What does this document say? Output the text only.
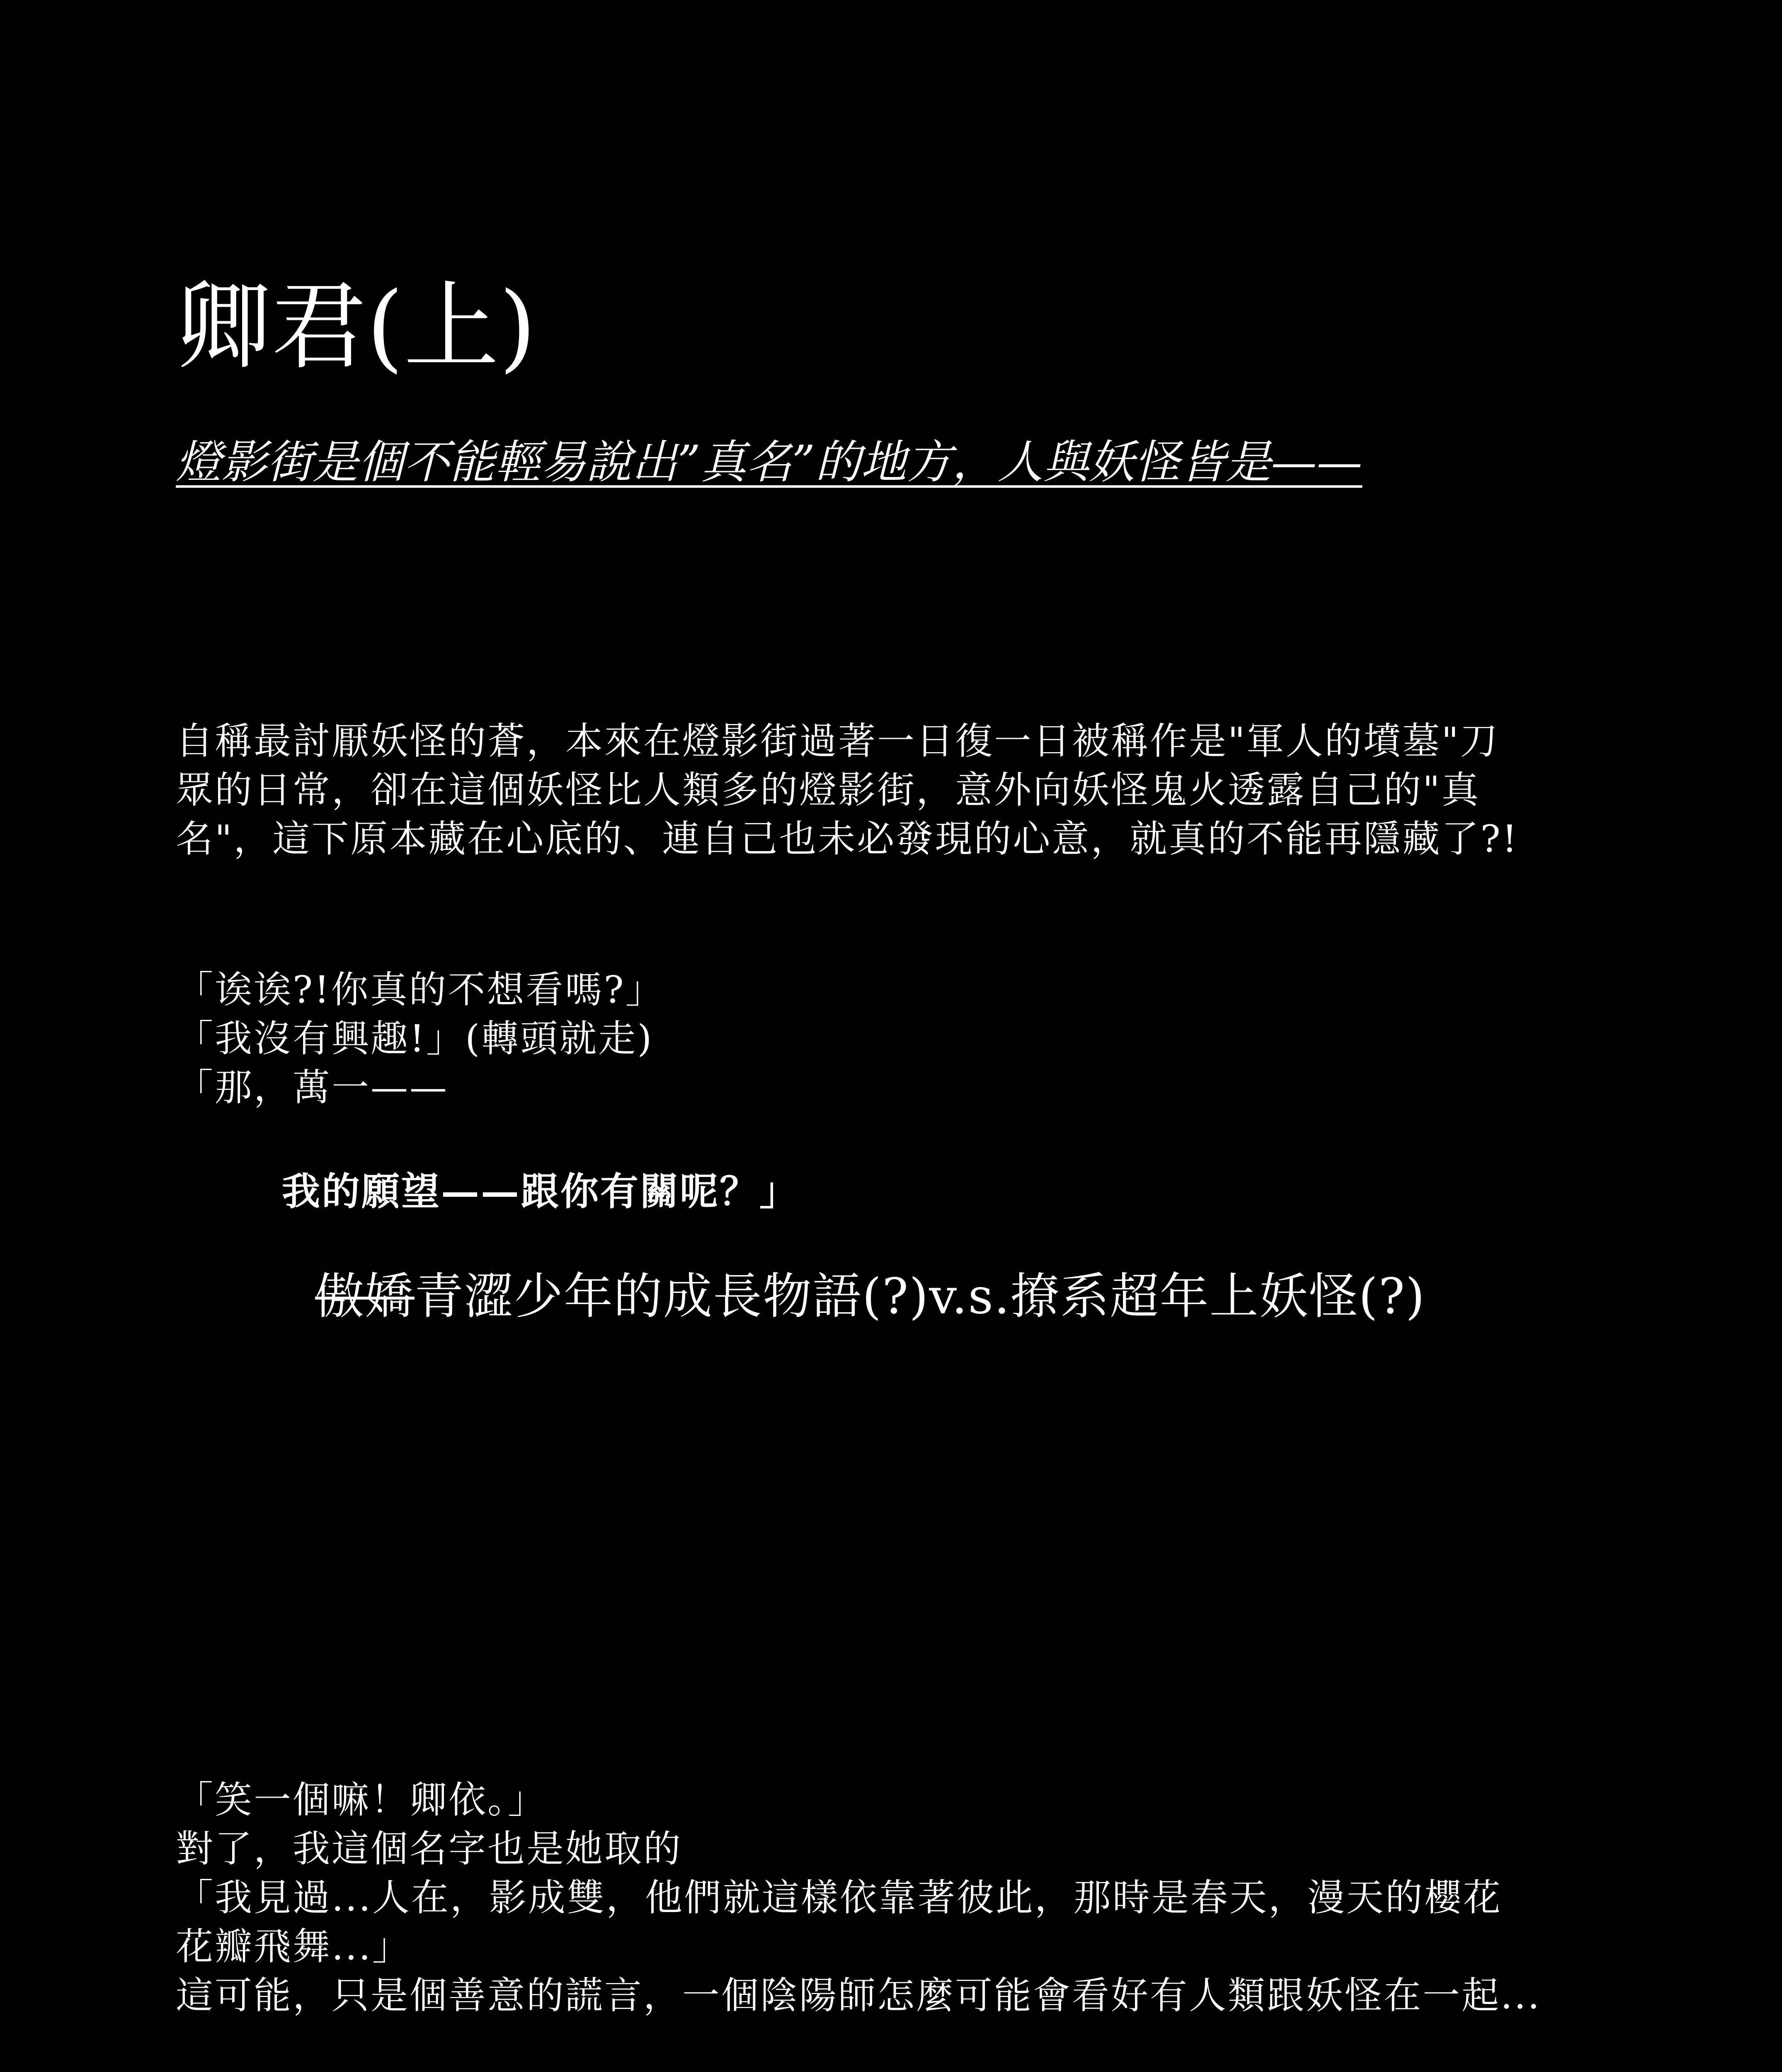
卿君(上)
燈影街是個不能輕易說出”真名”的地方，人與妖怪皆是——
自稱最討厭妖怪的蒼，本來在燈影街過著一日復一日被稱作是"軍人的墳墓"刀
眾的日常，卻在這個妖怪比人類多的燈影街，意外向妖怪鬼火透露自己的"真
名"，這下原本藏在心底的、連自己也未必發現的心意，就真的不能再隱藏了?!
「诶诶?!你真的不想看嗎?」
「我沒有興趣!」(轉頭就走)
「那，萬一——
我的願望——跟你有關呢？」
傲嬌青澀少年的成長物語(?)v.s.撩系超年上妖怪(?)
「笑一個嘛！卿依。」
對了，我這個名字也是她取的
「我見過...人在，影成雙，他們就這樣依靠著彼此，那時是春天，漫天的櫻花
花瓣飛舞...」
這可能，只是個善意的謊言，一個陰陽師怎麼可能會看好有人類跟妖怪在一起...
